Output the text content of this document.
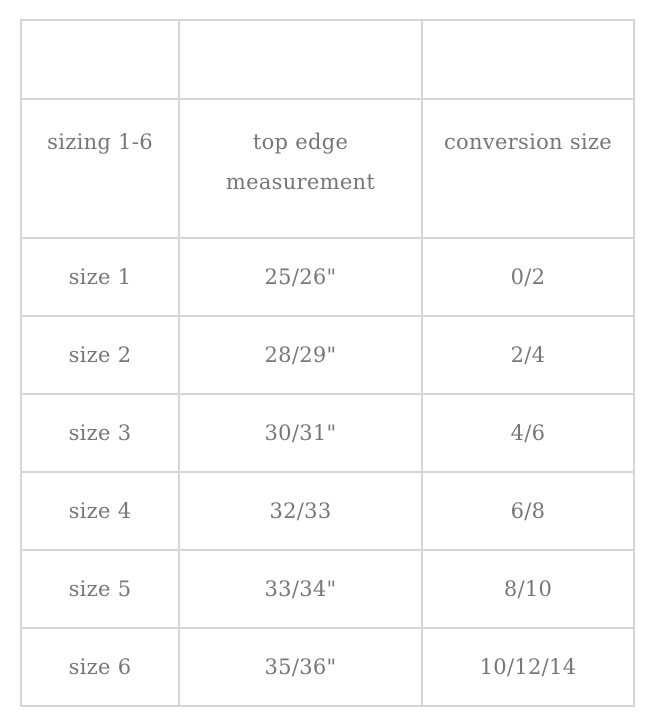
sizing 1-6	top edge measurement	conversion size
size 1	25/26"	0/2
size 2	28/29"	2/4
size 3	30/31"	4/6
size 4	32/33	6/8
size 5	33/34"	8/10
size 6	35/36"	10/12/14
